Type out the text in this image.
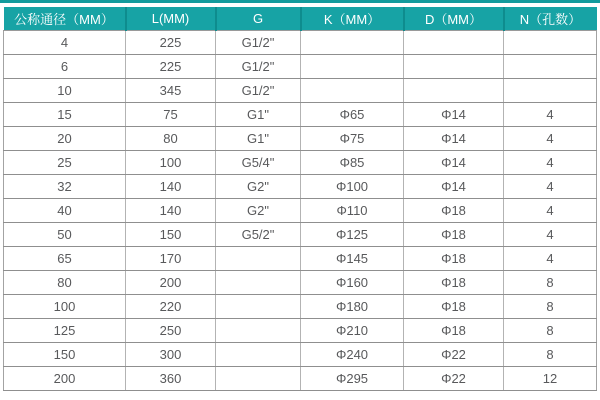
公称通径（MM）	L(MM)	G	K（MM）	D（MM）	N（孔数）
4	225	G1/2"			
6	225	G1/2"			
10	345	G1/2"			
15	75	G1"	Φ65	Φ14	4
20	80	G1"	Φ75	Φ14	4
25	100	G5/4"	Φ85	Φ14	4
32	140	G2"	Φ100	Φ14	4
40	140	G2"	Φ110	Φ18	4
50	150	G5/2"	Φ125	Φ18	4
65	170		Φ145	Φ18	4
80	200		Φ160	Φ18	8
100	220		Φ180	Φ18	8
125	250		Φ210	Φ18	8
150	300		Φ240	Φ22	8
200	360		Φ295	Φ22	12
